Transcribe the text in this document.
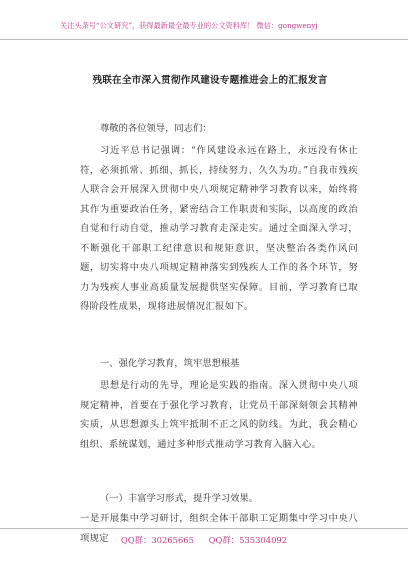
关注头条号“公文研究”，获得最新最全最专业的公文资料库！ 微信：gongwenyj
残联在全市深入贯彻作风建设专题推进会上的汇报发言
尊敬的各位领导，同志们：
习近平总书记强调：“作风建设永远在路上，永远没有休止符，必须抓常、抓细、抓长，持续努力、久久为功。”自我市残疾人联合会开展深入贯彻中央八项规定精神学习教育以来，始终将其作为重要政治任务，紧密结合工作职责和实际，以高度的政治自觉和行动自觉，推动学习教育走深走实。通过全面深入学习，不断强化干部职工纪律意识和规矩意识，坚决整治各类作风问题，切实将中央八项规定精神落实到残疾人工作的各个环节，努力为残疾人事业高质量发展提供坚实保障。目前，学习教育已取得阶段性成果，现将进展情况汇报如下。
一、强化学习教育，筑牢思想根基
思想是行动的先导，理论是实践的指南。深入贯彻中央八项规定精神，首要在于强化学习教育，让党员干部深刻领会其精神实质，从思想源头上筑牢抵制不正之风的防线。为此，我会精心组织、系统谋划，通过多种形式推动学习教育入脑入心。
（一）丰富学习形式，提升学习效果。
一是开展集中学习研讨，组织全体干部职工定期集中学习中央八项规定	QQ群：30265665 QQ群：535304092
